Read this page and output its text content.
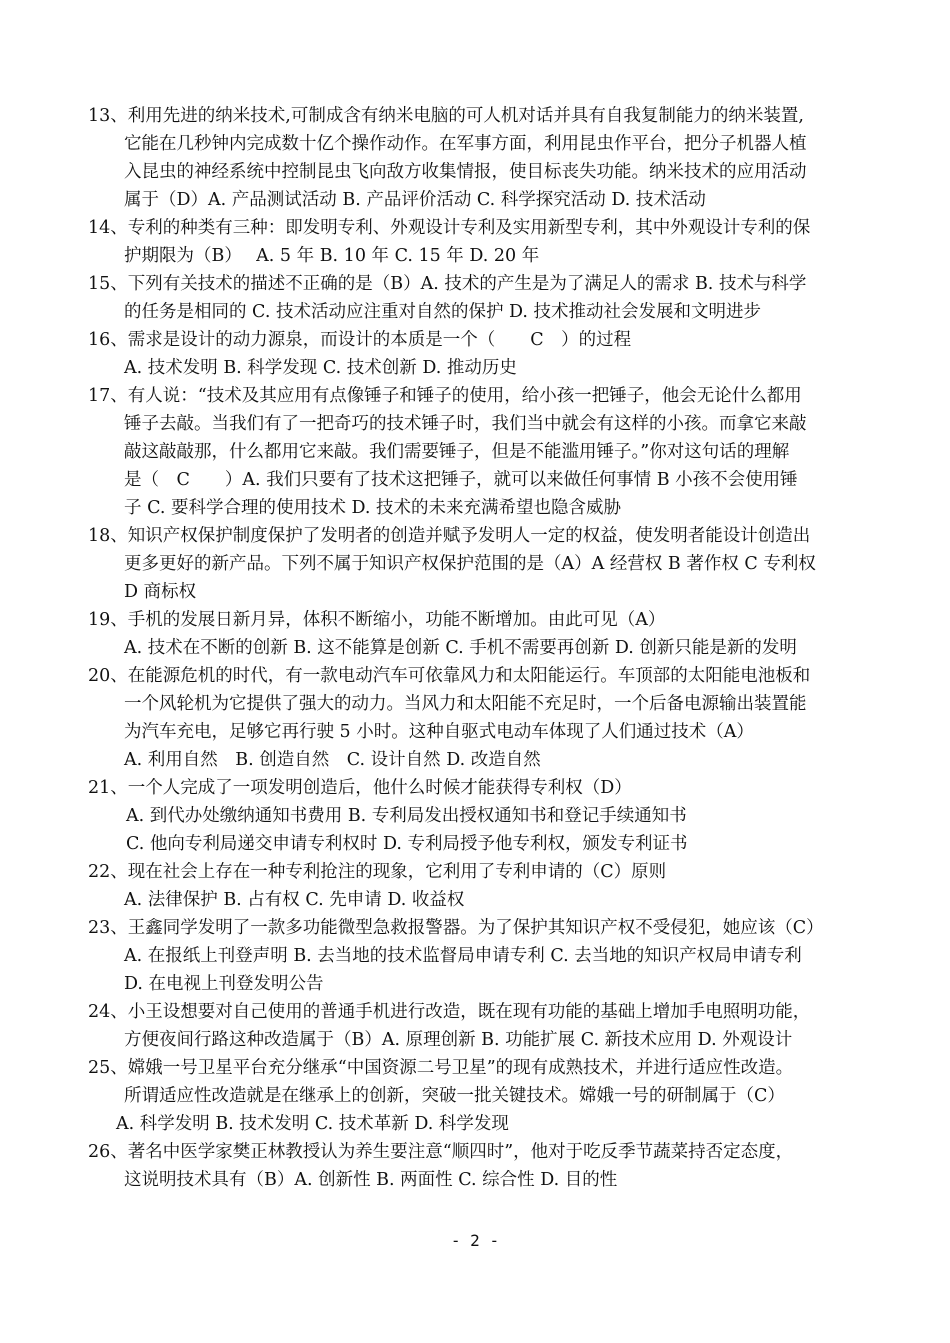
13、利用先进的纳米技术,可制成含有纳米电脑的可人机对话并具有自我复制能力的纳米装置,
它能在几秒钟内完成数十亿个操作动作。在军事方面，利用昆虫作平台，把分子机器人植
入昆虫的神经系统中控制昆虫飞向敌方收集情报，使目标丧失功能。纳米技术的应用活动
属于（D）A. 产品测试活动 B. 产品评价活动 C. 科学探究活动 D. 技术活动
14、专利的种类有三种：即发明专利、外观设计专利及实用新型专利，其中外观设计专利的保
护期限为（B）　 A. 5 年 B. 10 年 C. 15 年 D. 20 年
15、下列有关技术的描述不正确的是（B）A. 技术的产生是为了满足人的需求 B. 技术与科学
的任务是相同的 C. 技术活动应注重对自然的保护 D. 技术推动社会发展和文明进步
16、需求是设计的动力源泉，而设计的本质是一个（　　C　）的过程
A. 技术发明 B. 科学发现 C. 技术创新 D. 推动历史
17、有人说：“技术及其应用有点像锤子和锤子的使用，给小孩一把锤子，他会无论什么都用
锤子去敲。当我们有了一把奇巧的技术锤子时，我们当中就会有这样的小孩。而拿它来敲
敲这敲敲那，什么都用它来敲。我们需要锤子，但是不能滥用锤子。”你对这句话的理解
是（　C　　）A. 我们只要有了技术这把锤子，就可以来做任何事情 B 小孩不会使用锤
子 C. 要科学合理的使用技术 D. 技术的未来充满希望也隐含威胁
18、知识产权保护制度保护了发明者的创造并赋予发明人一定的权益，使发明者能设计创造出
更多更好的新产品。下列不属于知识产权保护范围的是（A）A 经营权 B 著作权 C 专利权
D 商标权
19、手机的发展日新月异，体积不断缩小，功能不断增加。由此可见（A）
A. 技术在不断的创新 B. 这不能算是创新 C. 手机不需要再创新 D. 创新只能是新的发明
20、在能源危机的时代，有一款电动汽车可依靠风力和太阳能运行。车顶部的太阳能电池板和
一个风轮机为它提供了强大的动力。当风力和太阳能不充足时，一个后备电源输出装置能
为汽车充电，足够它再行驶 5 小时。这种自驱式电动车体现了人们通过技术（A）
A. 利用自然　B. 创造自然　C. 设计自然 D. 改造自然
21、一个人完成了一项发明创造后，他什么时候才能获得专利权（D）
A. 到代办处缴纳通知书费用 B. 专利局发出授权通知书和登记手续通知书
C. 他向专利局递交申请专利权时 D. 专利局授予他专利权，颁发专利证书
22、现在社会上存在一种专利抢注的现象，它利用了专利申请的（C）原则
A. 法律保护 B. 占有权 C. 先申请 D. 收益权
23、王鑫同学发明了一款多功能微型急救报警器。为了保护其知识产权不受侵犯，她应该（C）
A. 在报纸上刊登声明 B. 去当地的技术监督局申请专利 C. 去当地的知识产权局申请专利
D. 在电视上刊登发明公告
24、小王设想要对自己使用的普通手机进行改造，既在现有功能的基础上增加手电照明功能，
方便夜间行路这种改造属于（B）A. 原理创新 B. 功能扩展 C. 新技术应用 D. 外观设计
25、嫦娥一号卫星平台充分继承“中国资源二号卫星”的现有成熟技术，并进行适应性改造。
所谓适应性改造就是在继承上的创新，突破一批关键技术。嫦娥一号的研制属于（C）
A. 科学发明 B. 技术发明 C. 技术革新 D. 科学发现
26、著名中医学家樊正林教授认为养生要注意“顺四时”，他对于吃反季节蔬菜持否定态度，
这说明技术具有（B）A. 创新性 B. 两面性 C. 综合性 D. 目的性
- 2 -
